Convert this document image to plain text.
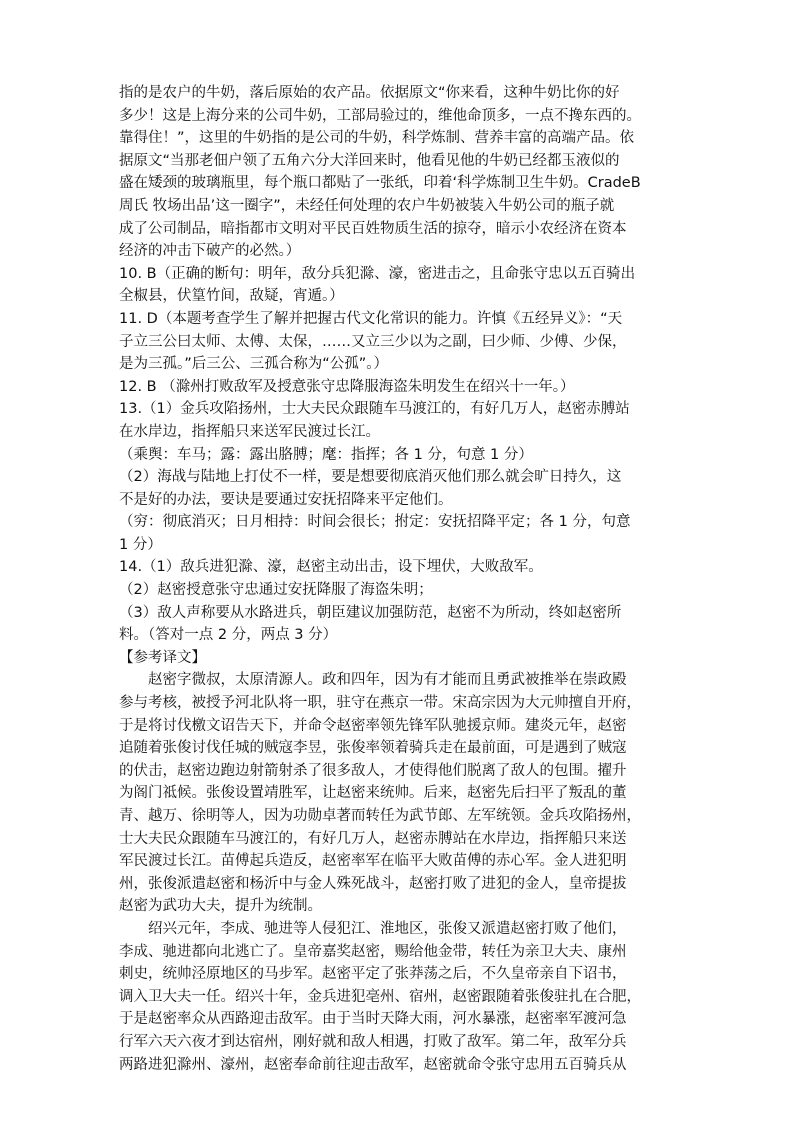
指的是农户的牛奶，落后原始的农产品。依据原文“你来看，这种牛奶比你的好
多少！这是上海分来的公司牛奶，工部局验过的，维他命顶多，一点不搀东西的。
靠得住！”，这里的牛奶指的是公司的牛奶，科学炼制、营养丰富的高端产品。依
据原文“当那老佃户领了五角六分大洋回来时，他看见他的牛奶已经都玉液似的
盛在矮颈的玻璃瓶里，每个瓶口都贴了一张纸，印着‘科学炼制卫生牛奶。CradeB
周氏 牧场出品’这一圈字”，未经任何处理的农户牛奶被装入牛奶公司的瓶子就
成了公司制品，暗指都市文明对平民百姓物质生活的掠夺，暗示小农经济在资本
经济的冲击下破产的必然。）
10. B（正确的断句：明年，敌分兵犯滁、濠，密进击之，且命张守忠以五百骑出
全椒县，伏篁竹间，敌疑，宵遁。）
11. D（本题考查学生了解并把握古代文化常识的能力。许慎《五经异义》：“天
子立三公曰太师、太傅、太保，……又立三少以为之副，曰少师、少傅、少保，
是为三孤。”后三公、三孤合称为“公孤”。）
12. B （滁州打败敌军及授意张守忠降服海盗朱明发生在绍兴十一年。）
13.（1）金兵攻陷扬州，士大夫民众跟随车马渡江的，有好几万人，赵密赤膊站
在水岸边，指挥船只来送军民渡过长江。
（乘舆：车马；露：露出胳膊；麾：指挥；各 1 分，句意 1 分）
（2）海战与陆地上打仗不一样，要是想要彻底消灭他们那么就会旷日持久，这
不是好的办法，要诀是要通过安抚招降来平定他们。
（穷：彻底消灭；日月相持：时间会很长；拊定：安抚招降平定；各 1 分，句意
1 分）
14.（1）敌兵进犯滁、濠，赵密主动出击，设下埋伏，大败敌军。
（2）赵密授意张守忠通过安抚降服了海盗朱明；
（3）敌人声称要从水路进兵，朝臣建议加强防范，赵密不为所动，终如赵密所
料。（答对一点 2 分，两点 3 分）
【参考译文】
赵密字微叔，太原清源人。政和四年，因为有才能而且勇武被推举在崇政殿
参与考核，被授予河北队将一职，驻守在燕京一带。宋高宗因为大元帅擅自开府，
于是将讨伐檄文诏告天下，并命令赵密率领先锋军队驰援京师。建炎元年，赵密
追随着张俊讨伐任城的贼寇李昱，张俊率领着骑兵走在最前面，可是遇到了贼寇
的伏击，赵密边跑边射箭射杀了很多敌人，才使得他们脱离了敌人的包围。擢升
为阁门祗候。张俊设置靖胜军，让赵密来统帅。后来，赵密先后扫平了叛乱的董
青、越万、徐明等人，因为功勋卓著而转任为武节郎、左军统领。金兵攻陷扬州，
士大夫民众跟随车马渡江的，有好几万人，赵密赤膊站在水岸边，指挥船只来送
军民渡过长江。苗傅起兵造反，赵密率军在临平大败苗傅的赤心军。金人进犯明
州，张俊派遣赵密和杨沂中与金人殊死战斗，赵密打败了进犯的金人，皇帝提拔
赵密为武功大夫，提升为统制。
绍兴元年，李成、驰进等人侵犯江、淮地区，张俊又派遣赵密打败了他们，
李成、驰进都向北逃亡了。皇帝嘉奖赵密，赐给他金带，转任为亲卫大夫、康州
刺史，统帅泾原地区的马步军。赵密平定了张莽荡之后，不久皇帝亲自下诏书，
调入卫大夫一任。绍兴十年，金兵进犯亳州、宿州，赵密跟随着张俊驻扎在合肥，
于是赵密率众从西路迎击敌军。由于当时天降大雨，河水暴涨，赵密率军渡河急
行军六天六夜才到达宿州，刚好就和敌人相遇，打败了敌军。第二年，敌军分兵
两路进犯滁州、濠州，赵密奉命前往迎击敌军，赵密就命令张守忠用五百骑兵从
